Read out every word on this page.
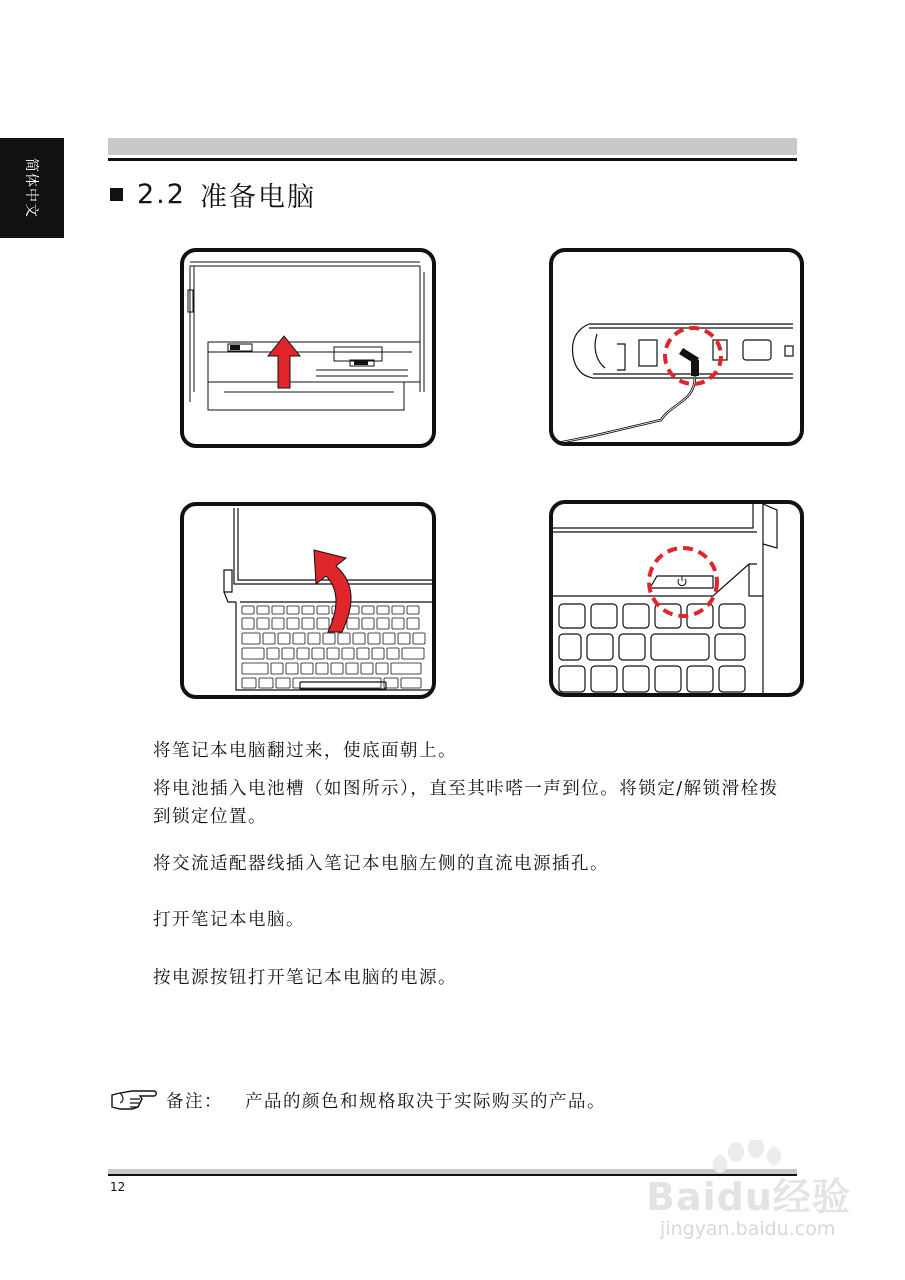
简体中文	2.2 准备电脑

将笔记本电脑翻过来，使底面朝上。

将电池插入电池槽（如图所示），直至其咔嗒一声到位。将锁定/解锁滑栓拨到锁定位置。

将交流适配器线插入笔记本电脑左侧的直流电源插孔。

打开笔记本电脑。

按电源按钮打开笔记本电脑的电源。

备注： 产品的颜色和规格取决于实际购买的产品。
12	Baidu经验
jingyan.baidu.com
